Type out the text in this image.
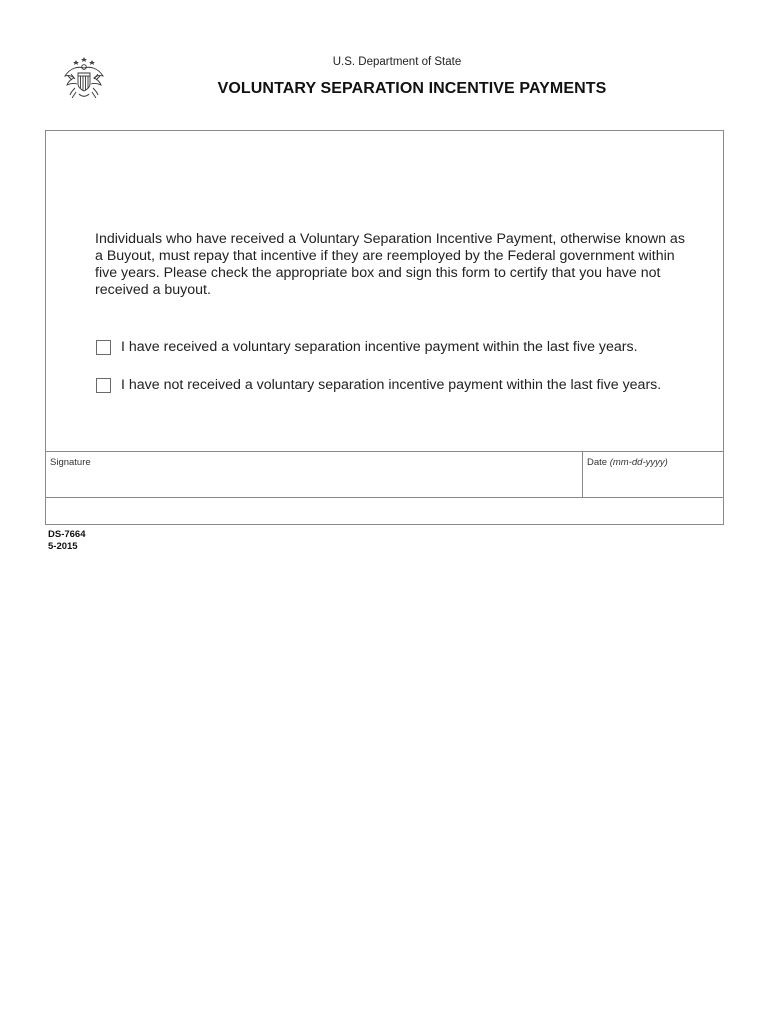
U.S. Department of State
VOLUNTARY SEPARATION INCENTIVE PAYMENTS
Individuals who have received a Voluntary Separation Incentive Payment, otherwise known as a Buyout, must repay that incentive if they are reemployed by the Federal government within five years. Please check the appropriate box and sign this form to certify that you have not received a buyout.
I have received a voluntary separation incentive payment within the last five years.
I have not received a voluntary separation incentive payment within the last five years.
Signature	Date (mm-dd-yyyy)
DS-7664
5-2015
